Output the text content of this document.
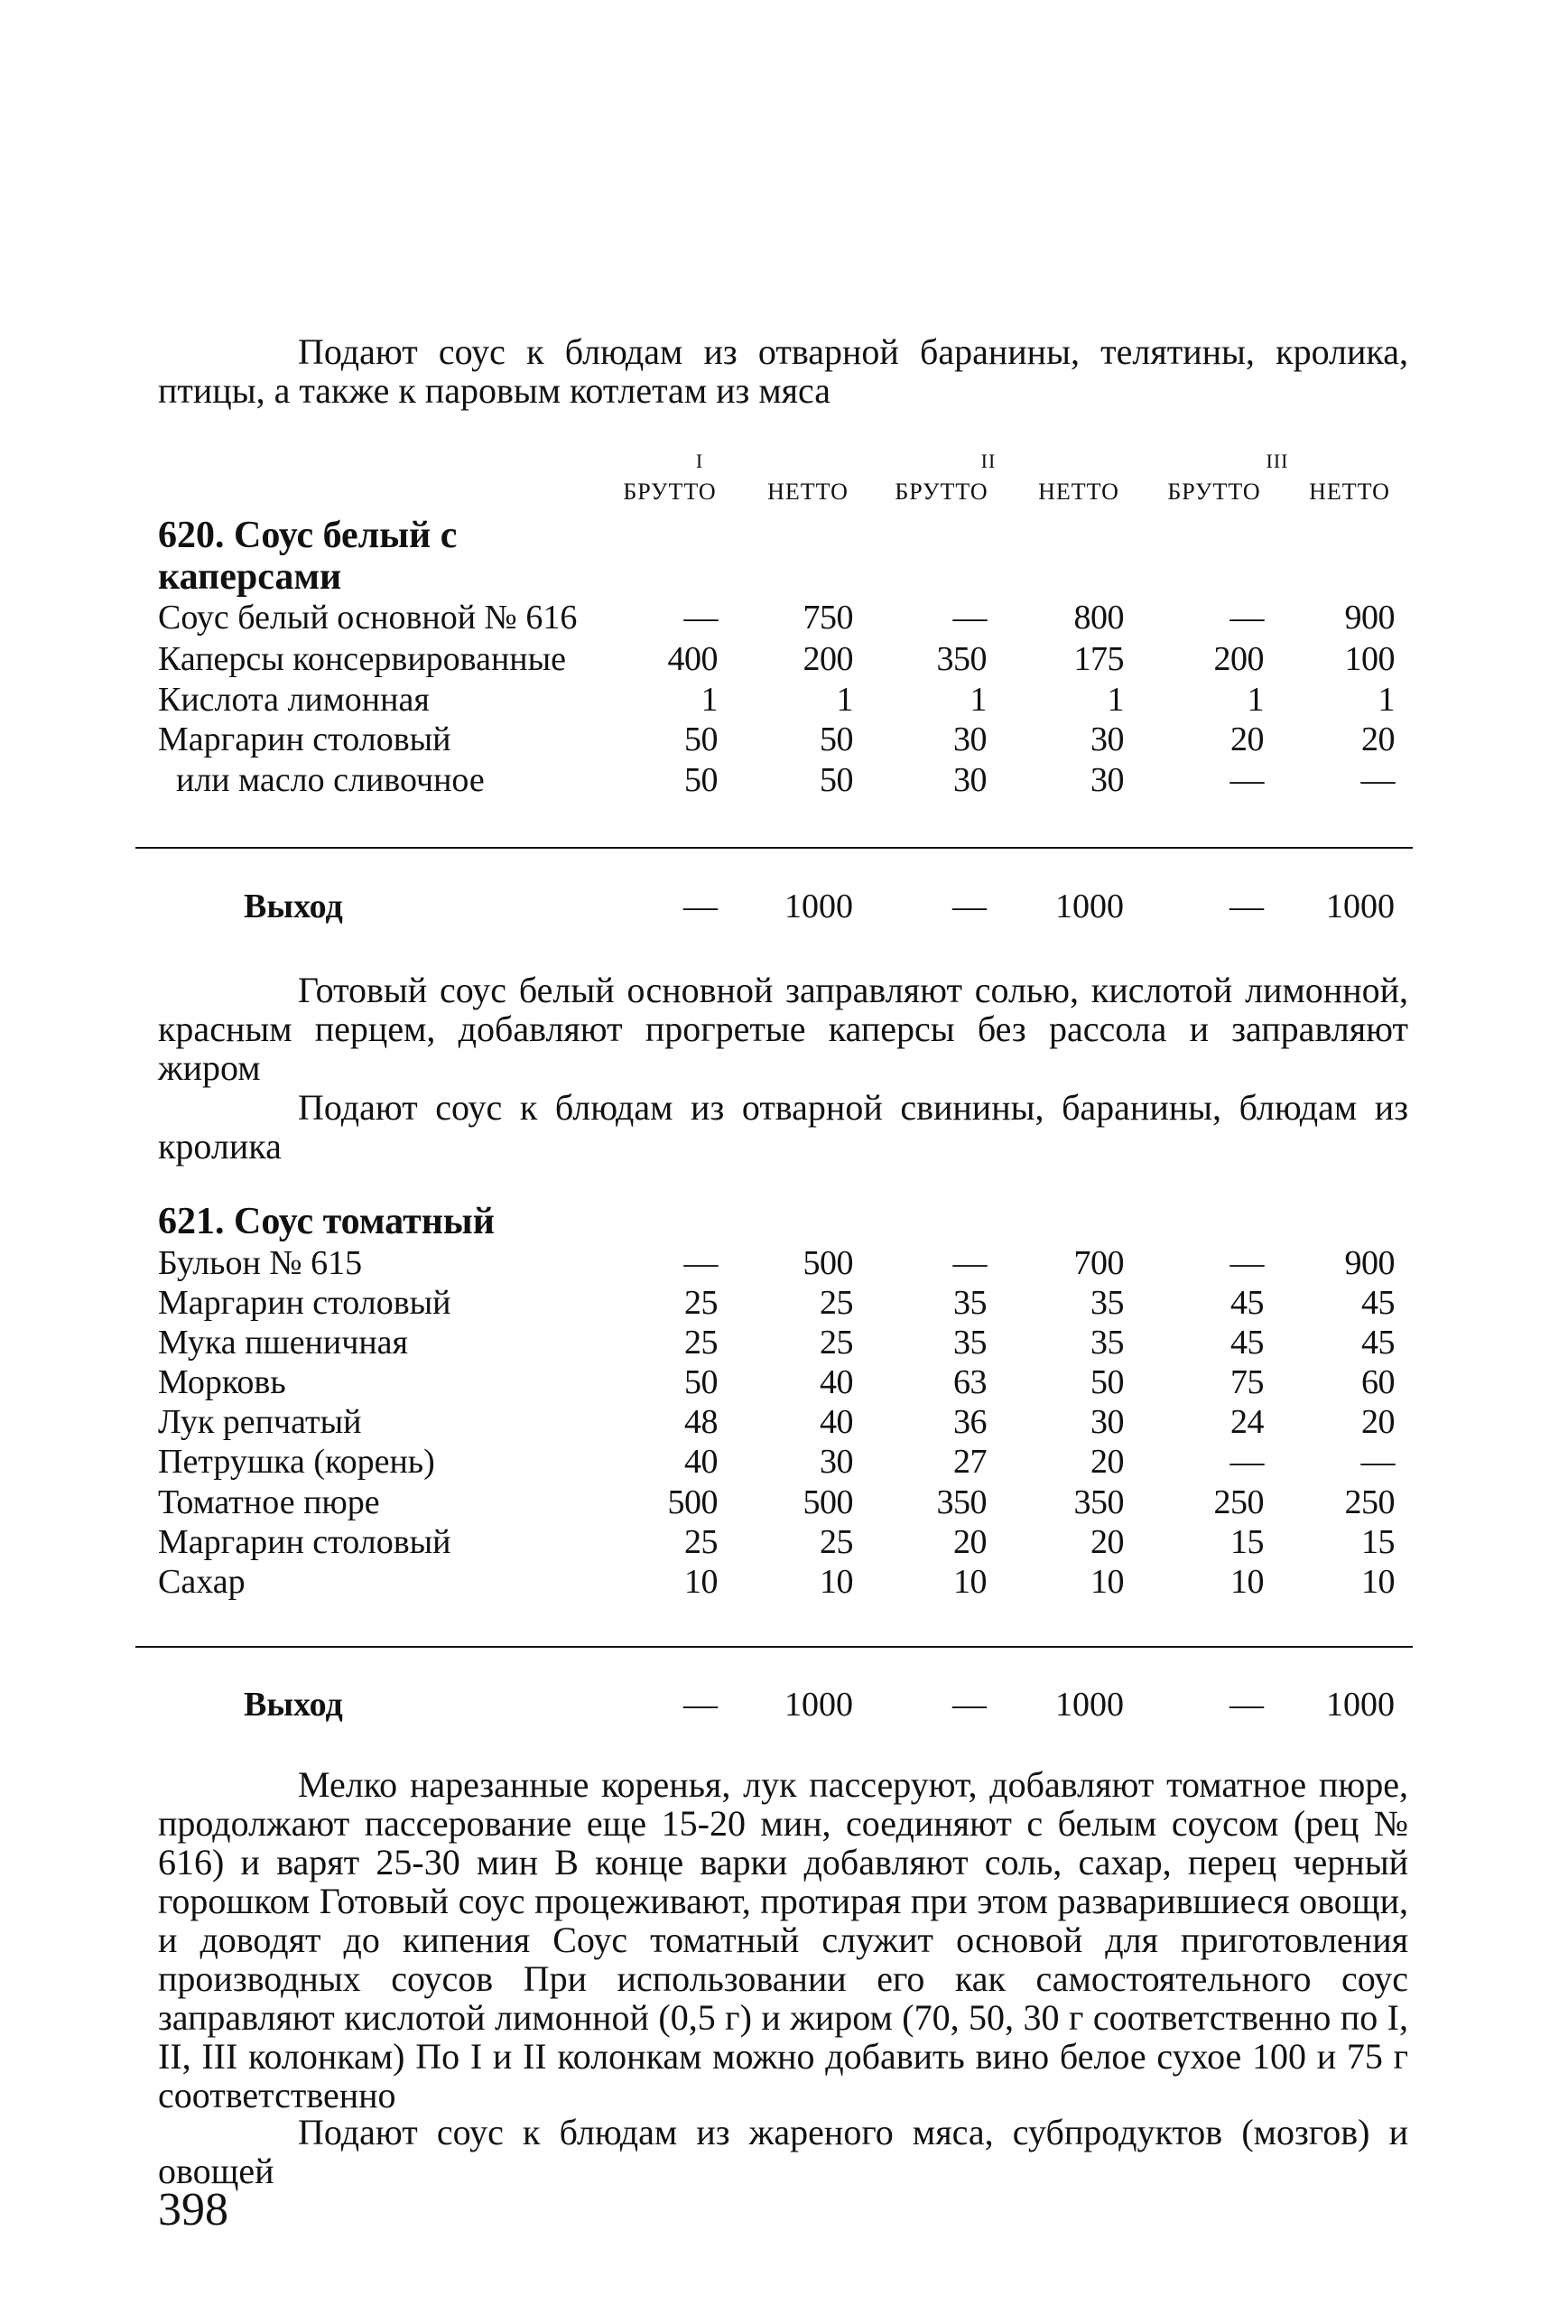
Подают соус к блюдам из отварной баранины, телятины, кролика,
птицы, а также к паровым котлетам из мяса

I	II	III
БРУТТО	НЕТТО	БРУТТО	НЕТТО	БРУТТО	НЕТТО
620. Соус белый с
каперсами
Соус белый основной № 616	—	750	—	800	—	900
Каперсы консервированные	400	200	350	175	200	100
Кислота лимонная	1	1	1	1	1	1
Маргарин столовый	50	50	30	30	20	20
или масло сливочное	50	50	30	30	—	—
Выход	—	1000	—	1000	—	1000

Готовый соус белый основной заправляют солью, кислотой лимонной,
красным перцем, добавляют прогретые каперсы без рассола и заправляют жиром

Подают соус к блюдам из отварной свинины, баранины, блюдам из
кролика

621. Соус томатный
Бульон № 615	—	500	—	700	—	900
Маргарин столовый	25	25	35	35	45	45
Мука пшеничная	25	25	35	35	45	45
Морковь	50	40	63	50	75	60
Лук репчатый	48	40	36	30	24	20
Петрушка (корень)	40	30	27	20	—	—
Томатное пюре	500	500	350	350	250	250
Маргарин столовый	25	25	20	20	15	15
Сахар	10	10	10	10	10	10
Выход	—	1000	—	1000	—	1000

Мелко нарезанные коренья, лук пассеруют, добавляют томатное пюре,
продолжают пассерование еще 15-20 мин, соединяют с белым соусом (рец № 616) и варят 25-30 мин В конце варки добавляют соль, сахар, перец черный горошком Готовый соус процеживают, протирая при этом разварившиеся овощи, и доводят до кипения Соус томатный служит основой для приготовления производных соусов При использовании его как самостоятельного соус заправляют кислотой лимонной (0,5 г) и жиром (70, 50, 30 г соответственно по I, II, III колонкам) По I и II колонкам можно добавить вино белое сухое 100 и 75 г соответственно

Подают соус к блюдам из жареного мяса, субпродуктов (мозгов) и
овощей

398
